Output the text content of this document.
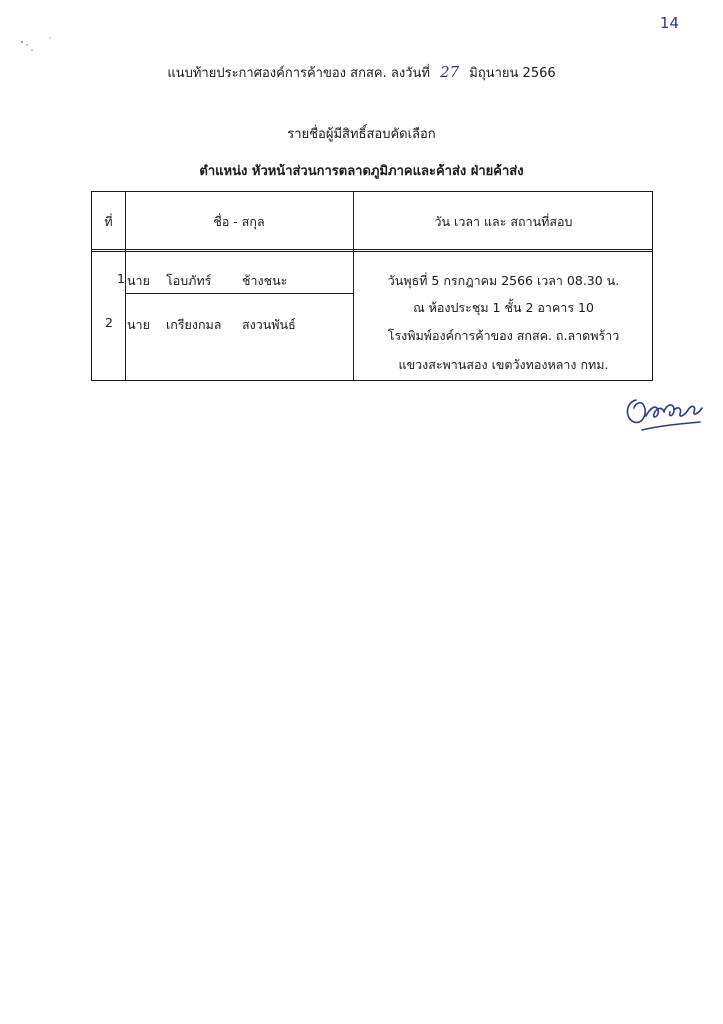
14
แนบท้ายประกาศองค์การค้าของ สกสค. ลงวันที่ 27 มิถุนายน 2566
รายชื่อผู้มีสิทธิ์สอบคัดเลือก
ตำแหน่ง หัวหน้าส่วนการตลาดภูมิภาคและค้าส่ง ฝ่ายค้าส่ง
ที่	ชื่อ - สกุล	วัน เวลา และ สถานที่สอบ
1 นาย โอบภัทร์ ช้างชนะ
2 นาย เกรียงกมล สงวนพันธ์
วันพุธที่ 5 กรกฎาคม 2566 เวลา 08.30 น.
ณ ห้องประชุม 1 ชั้น 2 อาคาร 10
โรงพิมพ์องค์การค้าของ สกสค. ถ.ลาดพร้าว
แขวงสะพานสอง เขตวังทองหลาง กทม.
